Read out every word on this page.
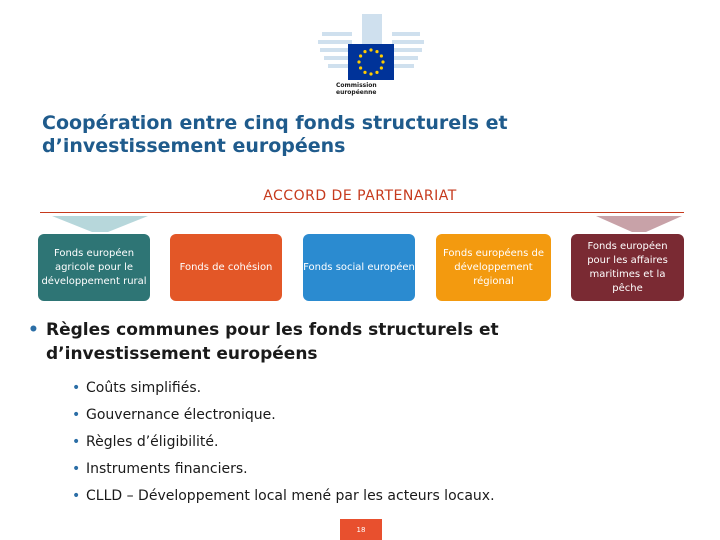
Commission
européenne
Coopération entre cinq fonds structurels et d’investissement européens
ACCORD DE PARTENARIAT
Fonds européen agricole pour le développement rural
Fonds de cohésion	Fonds social européen
Fonds européens de développement régional
Fonds européen pour les affaires maritimes et la pêche
• Règles communes pour les fonds structurels et d’investissement européens
• Coûts simplifiés.
• Gouvernance électronique.
• Règles d’éligibilité.
• Instruments financiers.
• CLLD – Développement local mené par les acteurs locaux.
18
